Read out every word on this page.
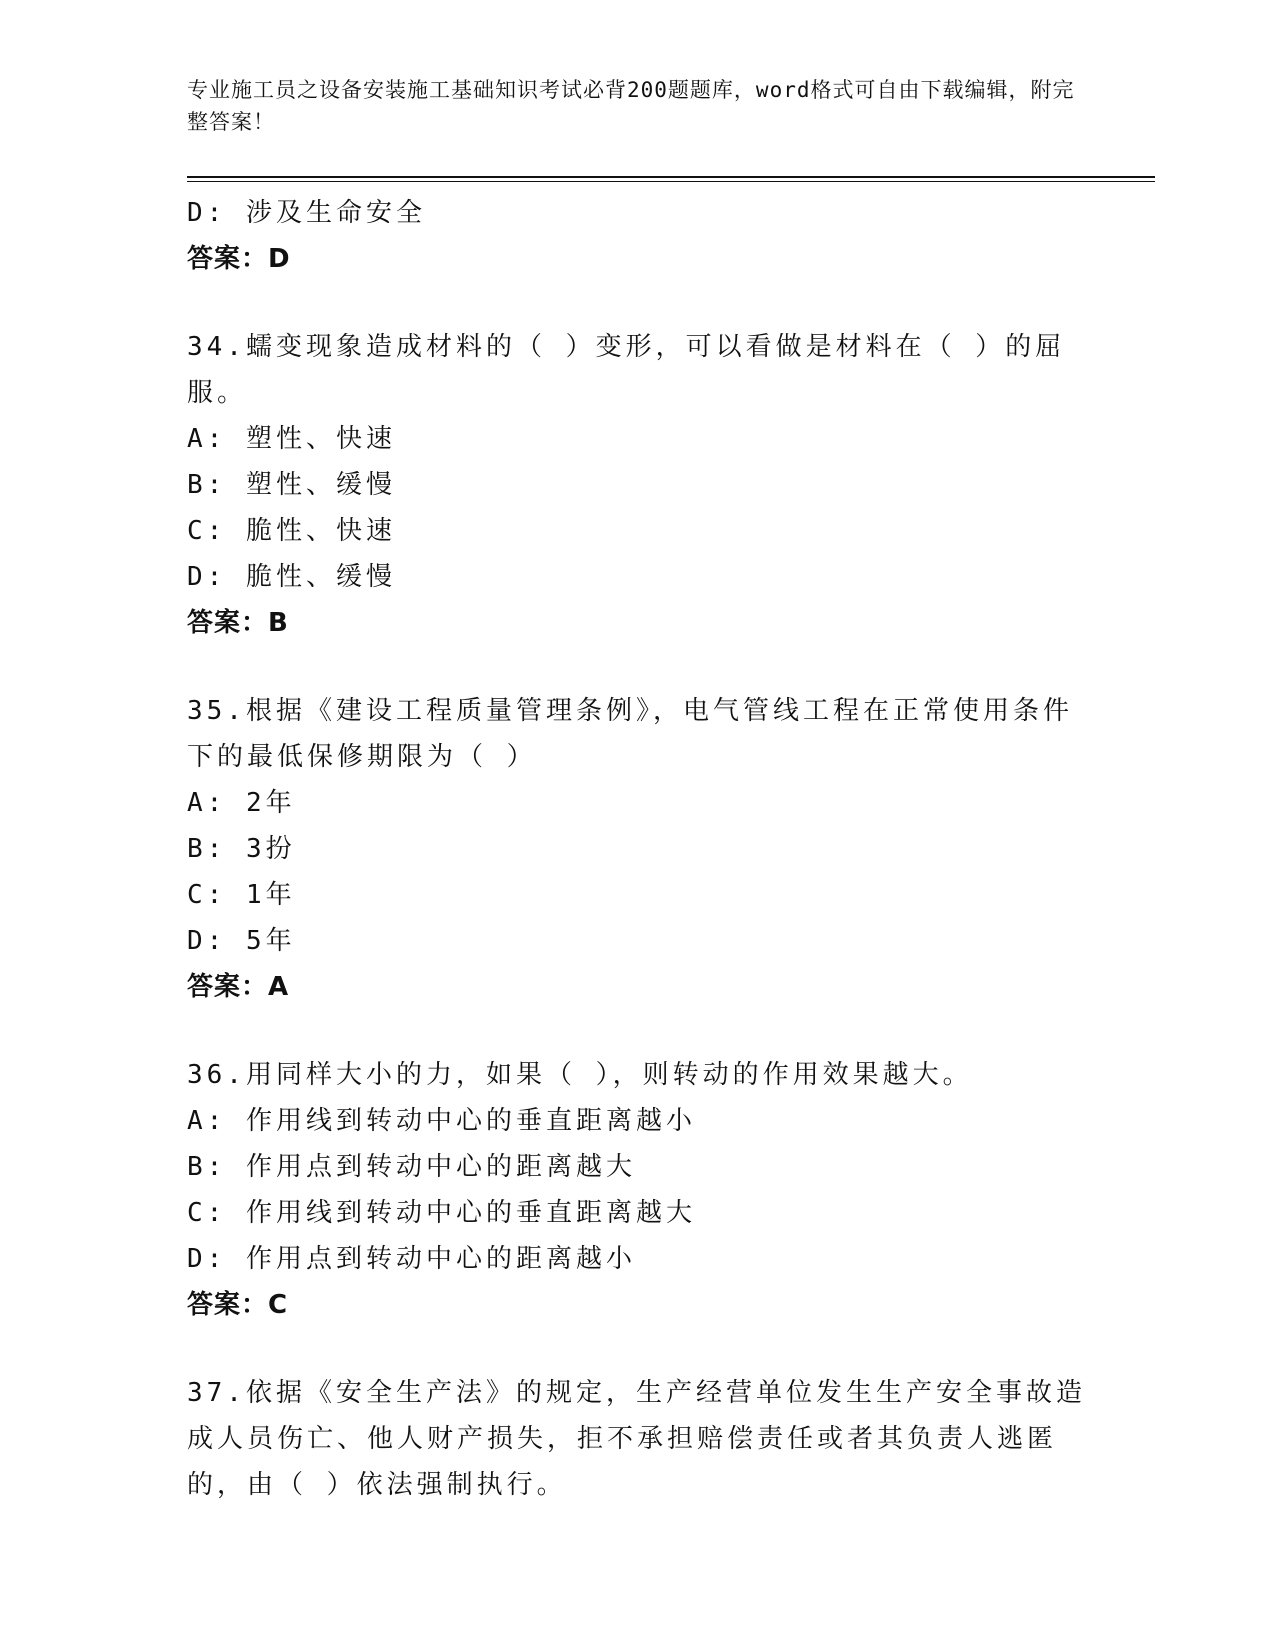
专业施工员之设备安装施工基础知识考试必背200题题库，word格式可自由下载编辑，附完整答案！

D: 涉及生命安全
答案：D
34.蠕变现象造成材料的（ ）变形，可以看做是材料在（ ）的屈服。
A: 塑性、快速
B: 塑性、缓慢
C: 脆性、快速
D: 脆性、缓慢
答案：B
35.根据《建设工程质量管理条例》，电气管线工程在正常使用条件下的最低保修期限为（ ）
A: 2年
B: 3扮
C: 1年
D: 5年
答案：A
36.用同样大小的力，如果（ ），则转动的作用效果越大。
A: 作用线到转动中心的垂直距离越小
B: 作用点到转动中心的距离越大
C: 作用线到转动中心的垂直距离越大
D: 作用点到转动中心的距离越小
答案：C
37.依据《安全生产法》的规定，生产经营单位发生生产安全事故造成人员伤亡、他人财产损失，拒不承担赔偿责任或者其负责人逃匿的，由（ ）依法强制执行。
